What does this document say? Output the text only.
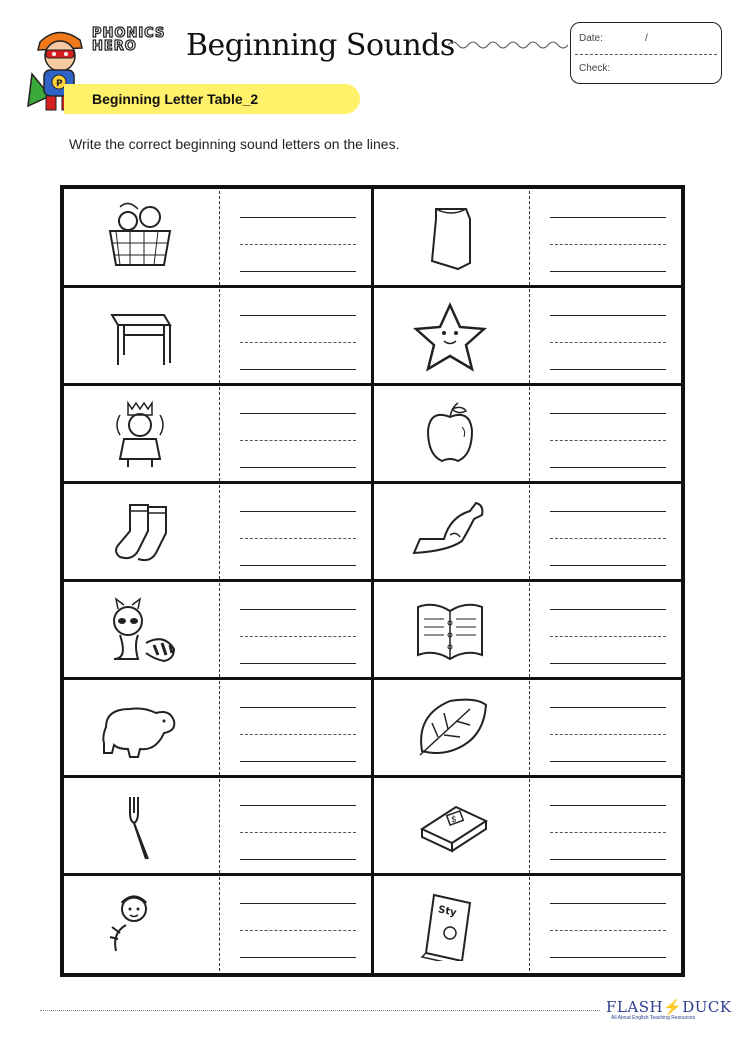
P
PHONICS
HERO	Beginning Sounds	Date:	/
Check:
Beginning Letter Table_2
Write the correct beginning sound letters on the lines.
$
Sty
FLASH⚡DUCK
All About English Teaching Resources
